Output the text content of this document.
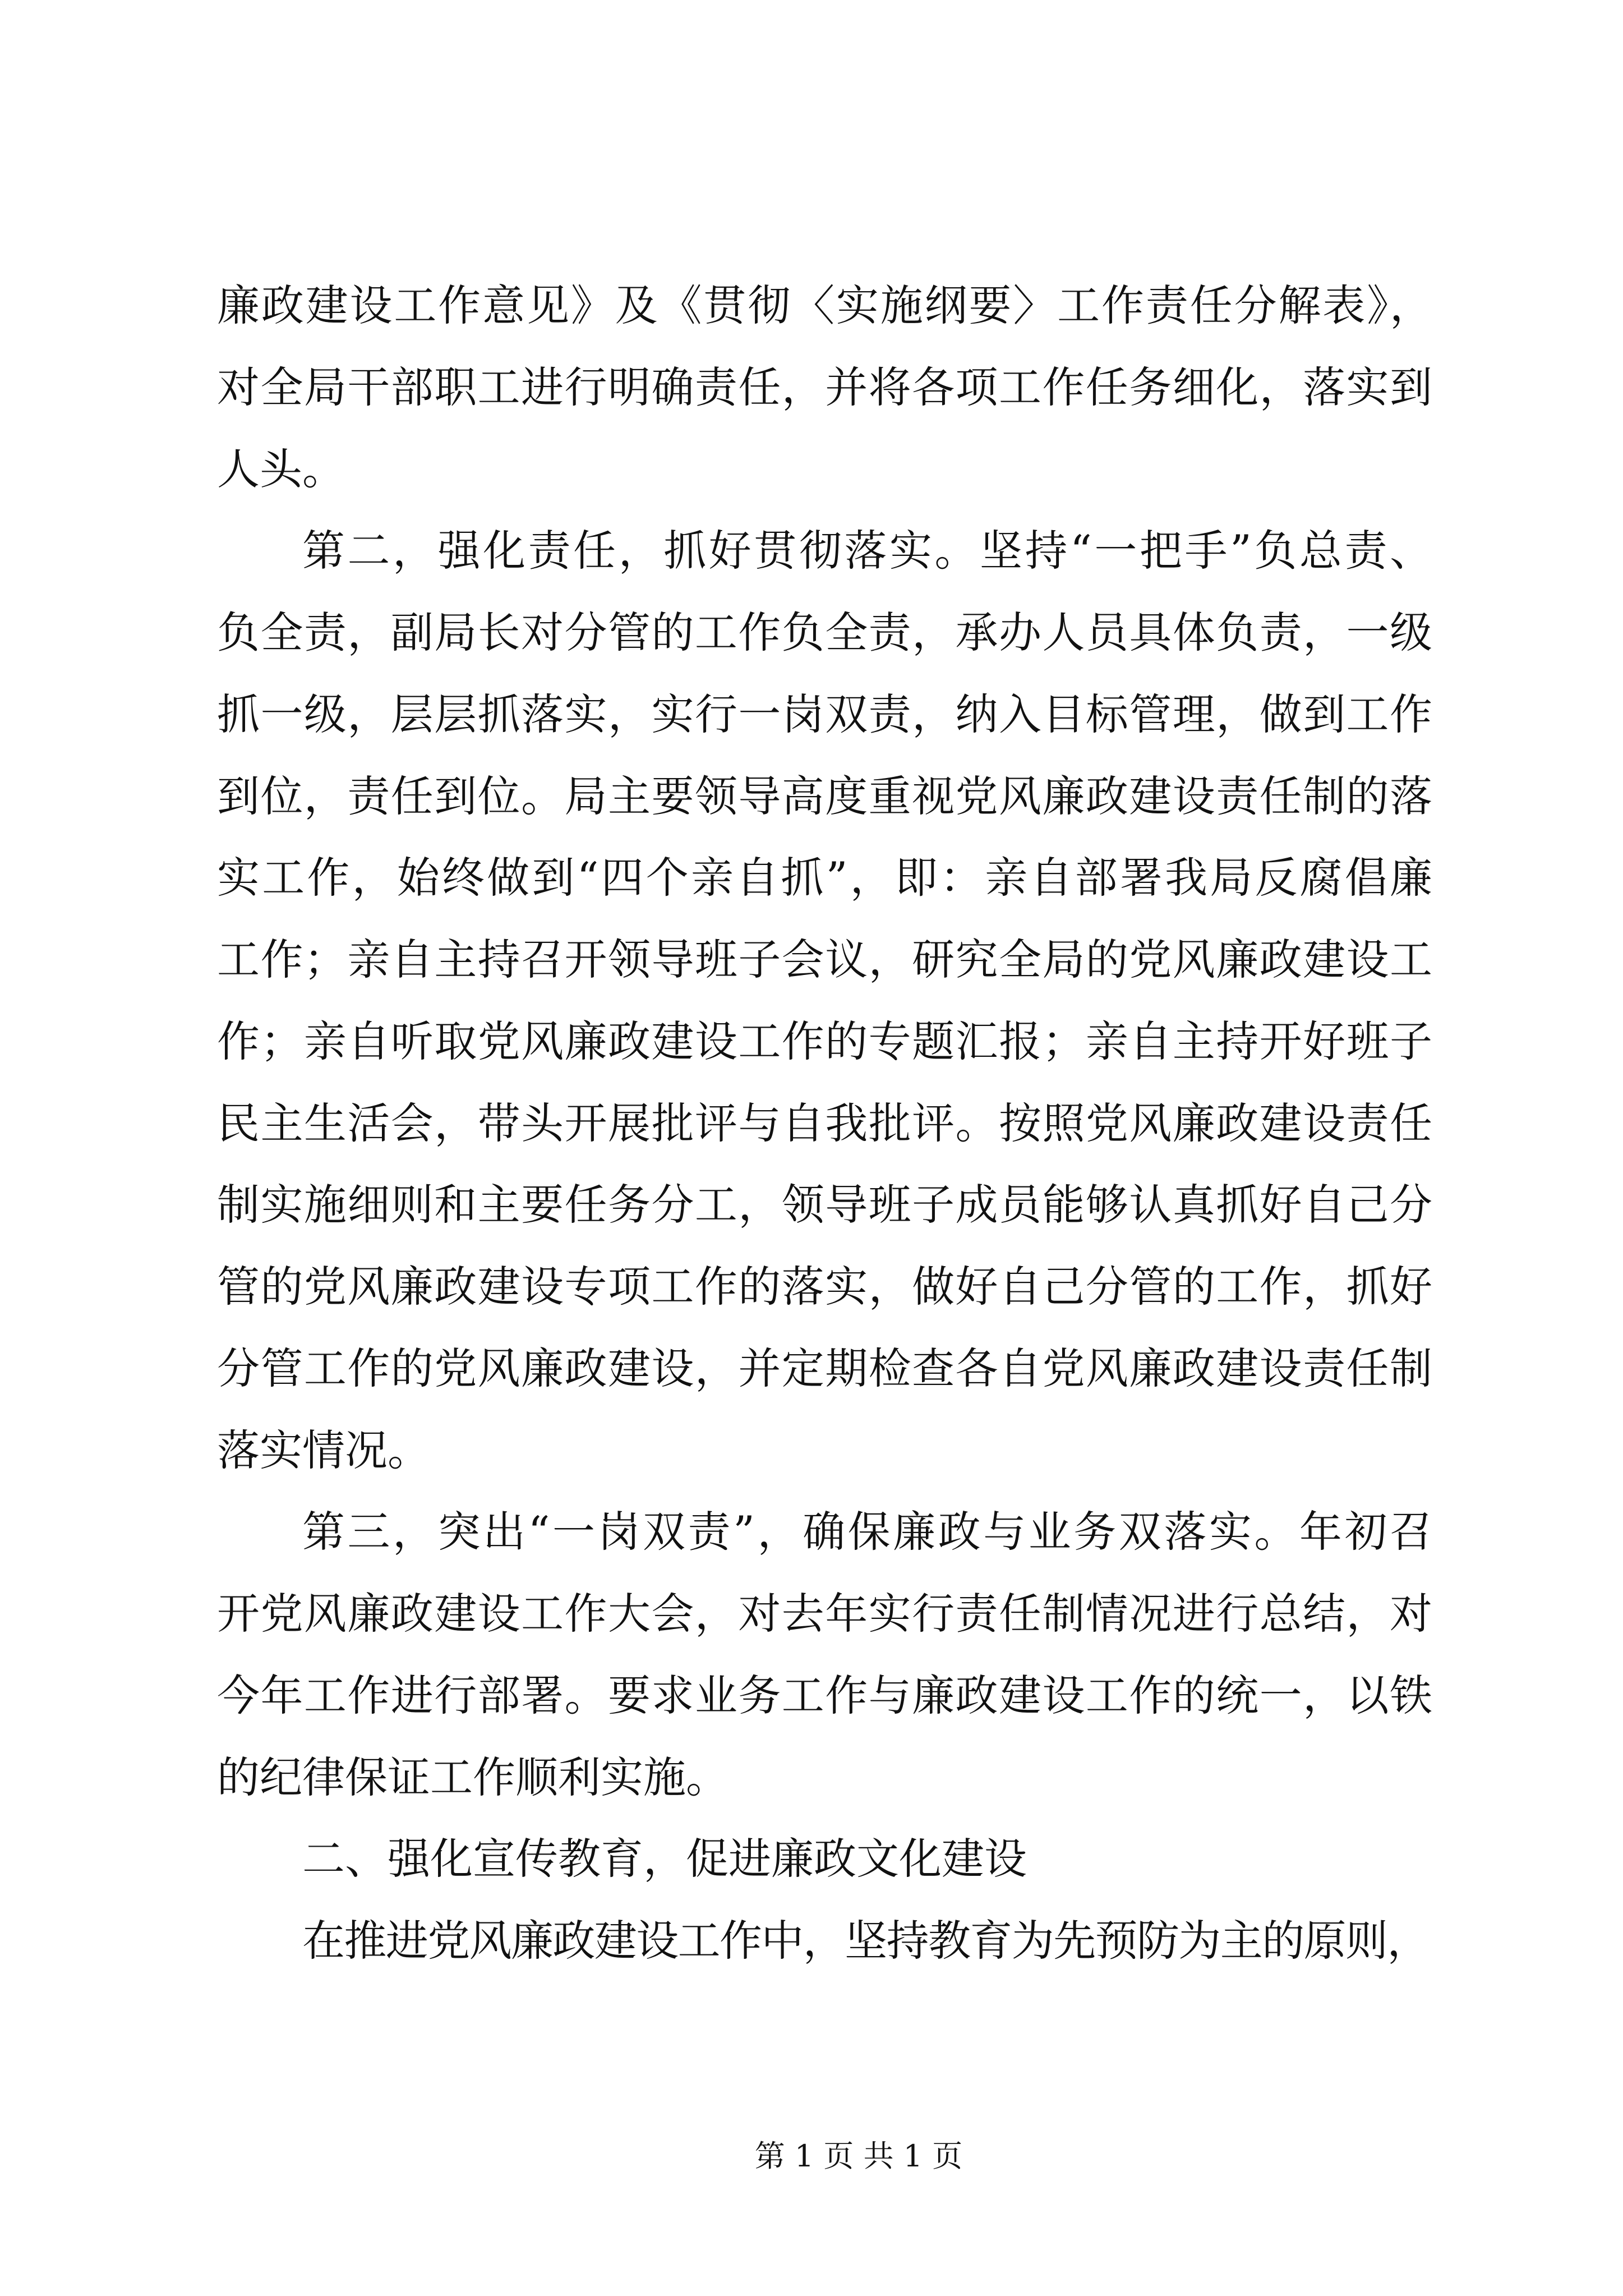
廉政建设工作意见》及《贯彻〈实施纲要〉工作责任分解表》，
对全局干部职工进行明确责任，并将各项工作任务细化，落实到
人头。
第二，强化责任，抓好贯彻落实。坚持“一把手”负总责、
负全责，副局长对分管的工作负全责，承办人员具体负责，一级
抓一级，层层抓落实，实行一岗双责，纳入目标管理，做到工作
到位，责任到位。局主要领导高度重视党风廉政建设责任制的落
实工作，始终做到“四个亲自抓”，即：亲自部署我局反腐倡廉
工作；亲自主持召开领导班子会议，研究全局的党风廉政建设工
作；亲自听取党风廉政建设工作的专题汇报；亲自主持开好班子
民主生活会，带头开展批评与自我批评。按照党风廉政建设责任
制实施细则和主要任务分工，领导班子成员能够认真抓好自己分
管的党风廉政建设专项工作的落实，做好自己分管的工作，抓好
分管工作的党风廉政建设，并定期检查各自党风廉政建设责任制
落实情况。
第三，突出“一岗双责”，确保廉政与业务双落实。年初召
开党风廉政建设工作大会，对去年实行责任制情况进行总结，对
今年工作进行部署。要求业务工作与廉政建设工作的统一，以铁
的纪律保证工作顺利实施。
二、强化宣传教育，促进廉政文化建设
在推进党风廉政建设工作中，坚持教育为先预防为主的原则，
第 1 页 共 1 页
